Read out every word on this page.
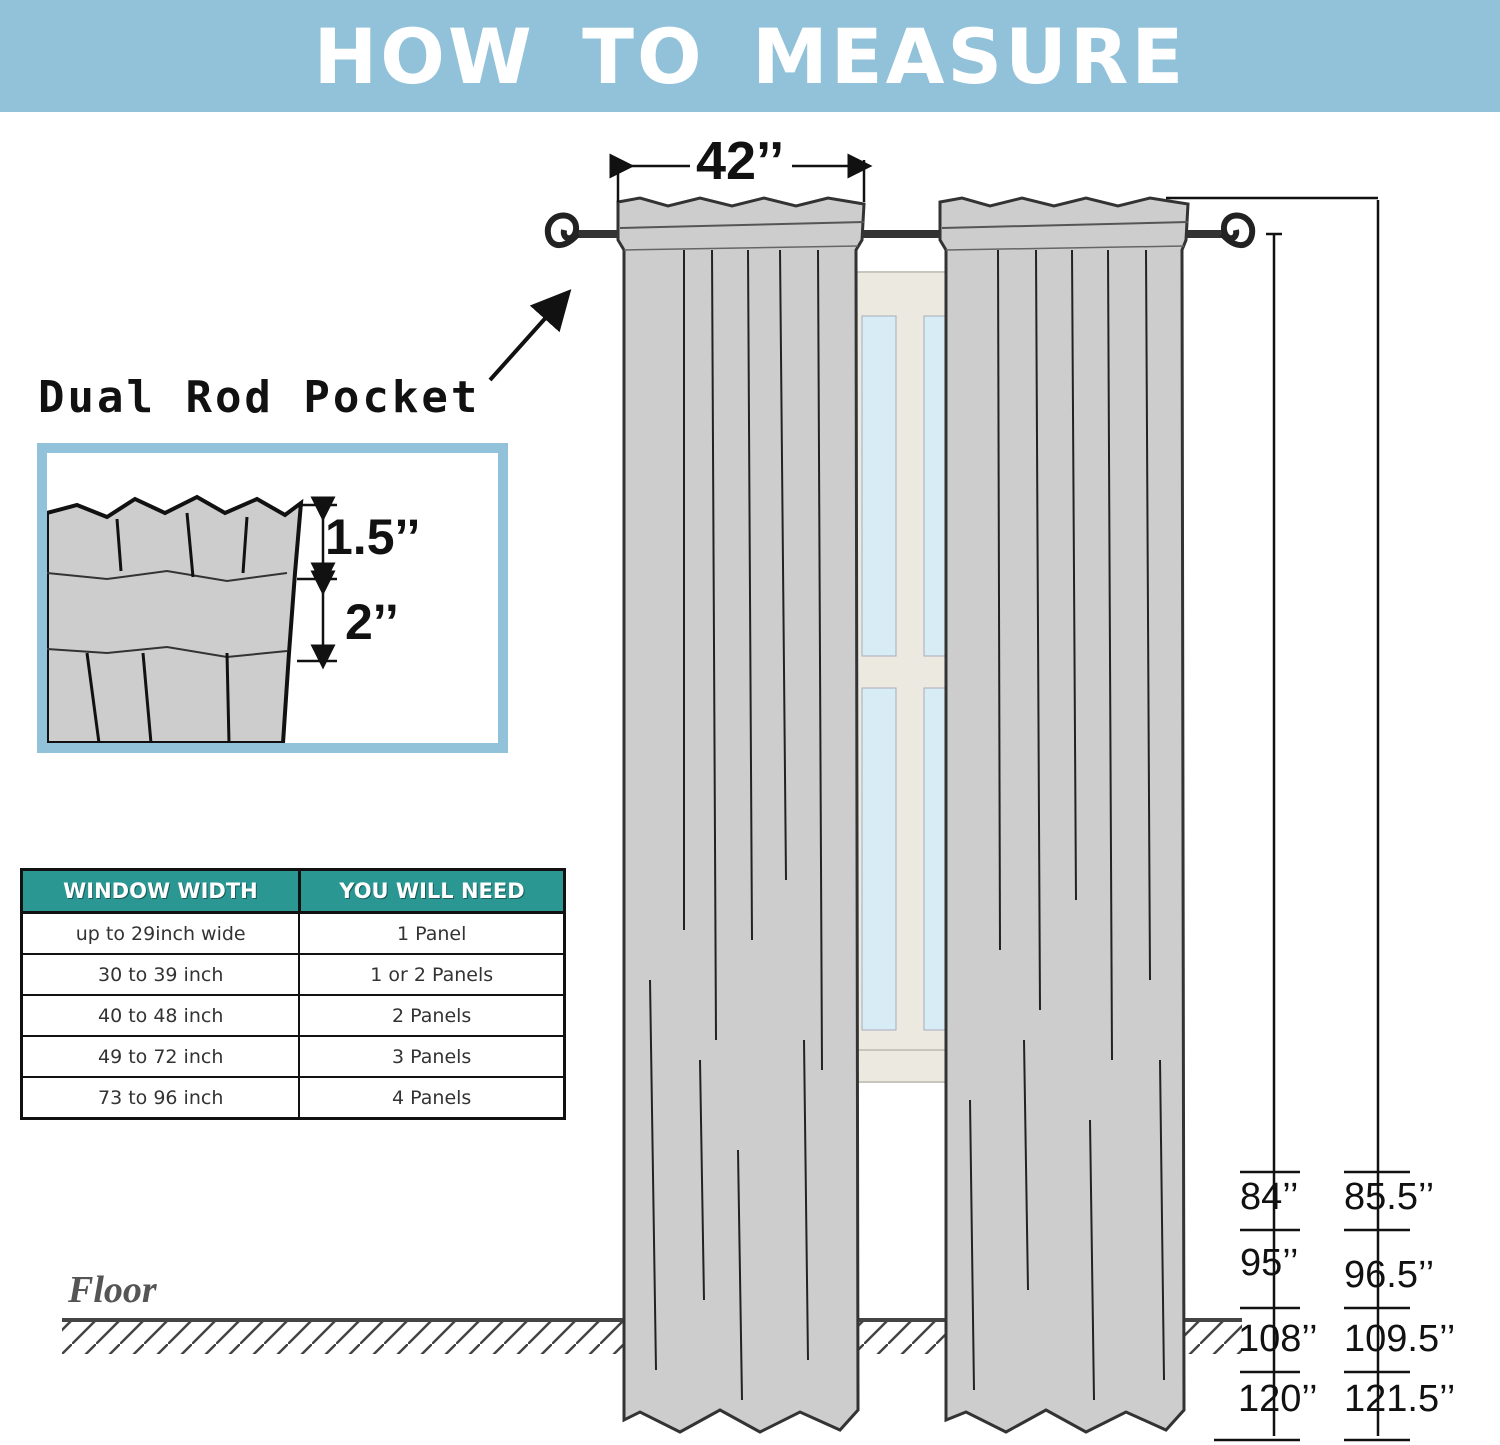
HOW TO MEASURE
Dual Rod Pocket
1.5’’
2’’
42’’
Floor
84’’
95’’
108’’
120’’
85.5’’
96.5’’
109.5’’
121.5’’
WINDOW WIDTH	YOU WILL NEED
up to 29inch wide	1 Panel
30 to 39 inch	1 or 2 Panels
40 to 48 inch	2 Panels
49 to 72 inch	3 Panels
73 to 96 inch	4 Panels
